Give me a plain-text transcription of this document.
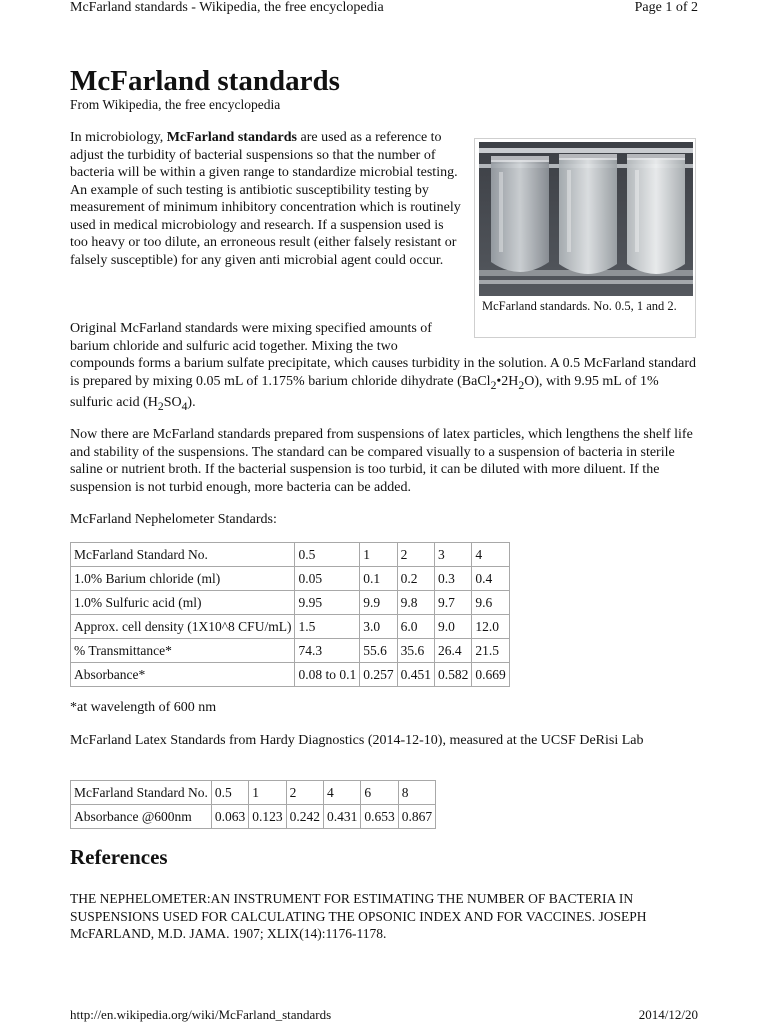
McFarland standards - Wikipedia, the free encyclopedia	Page 1 of 2
McFarland standards
From Wikipedia, the free encyclopedia
McFarland standards. No. 0.5, 1 and 2.

In microbiology, McFarland standards are used as a reference to adjust the turbidity of bacterial suspensions so that the number of bacteria will be within a given range to standardize microbial testing. An example of such testing is antibiotic susceptibility testing by measurement of minimum inhibitory concentration which is routinely used in medical microbiology and research. If a suspension used is too heavy or too dilute, an erroneous result (either falsely resistant or falsely susceptible) for any given anti microbial agent could occur.

Original McFarland standards were mixing specified amounts of barium chloride and sulfuric acid together. Mixing the two
compounds forms a barium sulfate precipitate, which causes turbidity in the solution. A 0.5 McFarland standard is prepared by mixing 0.05 mL of 1.175% barium chloride dihydrate $(BaCl_2•2H_2O)$, with 9.95 mL of 1% sulfuric acid $(H_2SO_4)$.

Now there are McFarland standards prepared from suspensions of latex particles, which lengthens the shelf life and stability of the suspensions. The standard can be compared visually to a suspension of bacteria in sterile saline or nutrient broth. If the bacterial suspension is too turbid, it can be diluted with more diluent. If the suspension is not turbid enough, more bacteria can be added.

McFarland Nephelometer Standards:

McFarland Standard No.	0.5	1	2	3	4
1.0% Barium chloride (ml)	0.05	0.1	0.2	0.3	0.4
1.0% Sulfuric acid (ml)	9.95	9.9	9.8	9.7	9.6
Approx. cell density (1X10^8 CFU/mL)	1.5	3.0	6.0	9.0	12.0
% Transmittance*	74.3	55.6	35.6	26.4	21.5
Absorbance*	0.08 to 0.1	0.257	0.451	0.582	0.669

*at wavelength of 600 nm

McFarland Latex Standards from Hardy Diagnostics (2014-12-10), measured at the UCSF DeRisi Lab

McFarland Standard No.	0.5	1	2	4	6	8
Absorbance @600nm	0.063	0.123	0.242	0.431	0.653	0.867
References

THE NEPHELOMETER:AN INSTRUMENT FOR ESTIMATING THE NUMBER OF BACTERIA IN SUSPENSIONS USED FOR CALCULATING THE OPSONIC INDEX AND FOR VACCINES. JOSEPH McFARLAND, M.D. JAMA. 1907; XLIX(14):1176-1178.

http://en.wikipedia.org/wiki/McFarland_standards	2014/12/20
